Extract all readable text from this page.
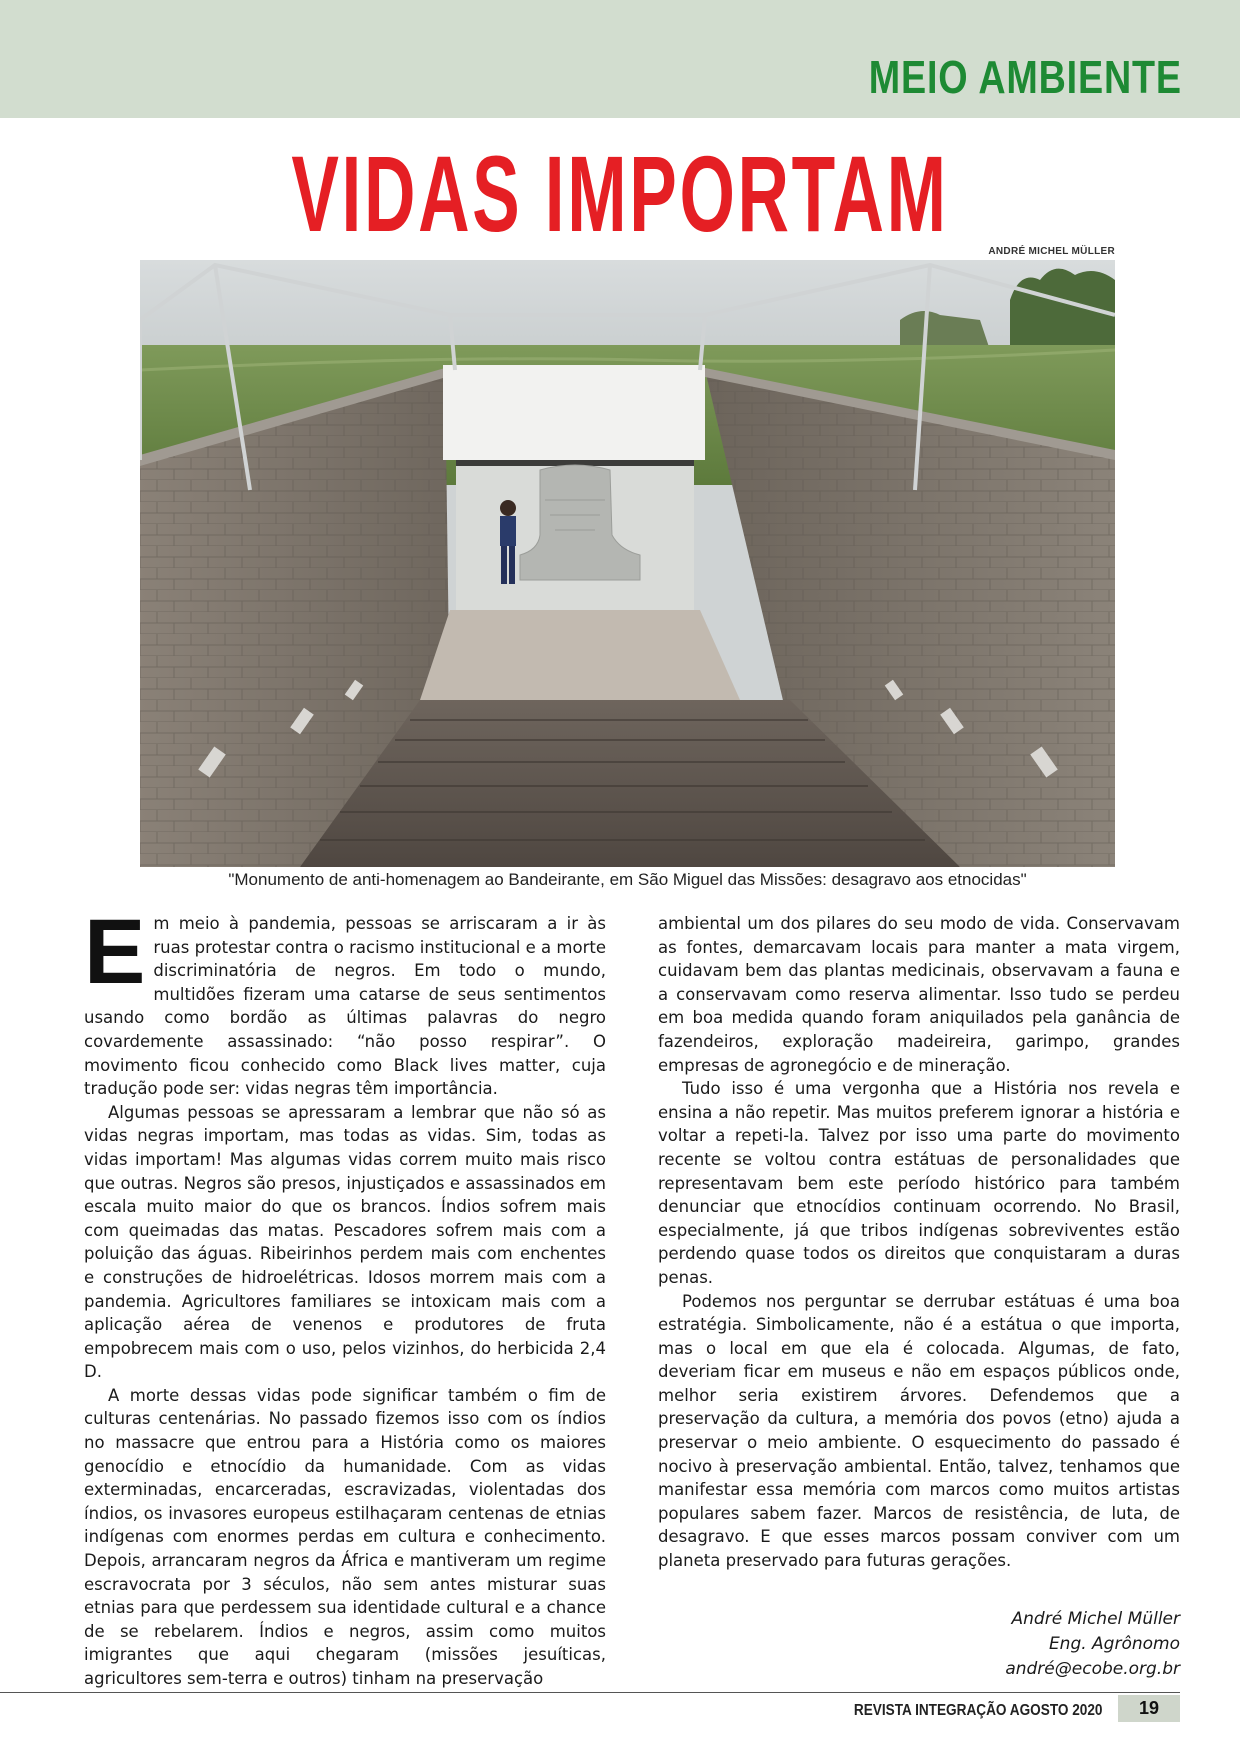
MEIO AMBIENTE
VIDAS IMPORTAM	ANDRÉ MICHEL MÜLLER
"Monumento de anti-homenagem ao Bandeirante, em São Miguel das Missões: desagravo aos etnocidas"

Em meio à pandemia, pessoas se arriscaram a ir às ruas protestar contra o racismo institucional e a morte discriminatória de negros. Em todo o mundo, multidões fizeram uma catarse de seus sentimentos usando como bordão as últimas palavras do negro covardemente assassinado: “não posso respirar”. O movimento ficou conhecido como Black lives matter, cuja tradução pode ser: vidas negras têm importância.

Algumas pessoas se apressaram a lembrar que não só as vidas negras importam, mas todas as vidas. Sim, todas as vidas importam! Mas algumas vidas correm muito mais risco que outras. Negros são presos, injustiçados e assassinados em escala muito maior do que os brancos. Índios sofrem mais com queimadas das matas. Pescadores sofrem mais com a poluição das águas. Ribeirinhos perdem mais com enchentes e construções de hidroelétricas. Idosos morrem mais com a pandemia. Agricultores familiares se intoxicam mais com a aplicação aérea de venenos e produtores de fruta empobrecem mais com o uso, pelos vizinhos, do herbicida 2,4 D.

A morte dessas vidas pode significar também o fim de culturas centenárias. No passado fizemos isso com os índios no massacre que entrou para a História como os maiores genocídio e etnocídio da humanidade. Com as vidas exterminadas, encarceradas, escravizadas, violentadas dos índios, os invasores europeus estilhaçaram centenas de etnias indígenas com enormes perdas em cultura e conhecimento. Depois, arrancaram negros da África e mantiveram um regime escravocrata por 3 séculos, não sem antes misturar suas etnias para que perdessem sua identidade cultural e a chance de se rebelarem. Índios e negros, assim como muitos imigrantes que aqui chegaram (missões jesuíticas, agricultores sem-terra e outros) tinham na preservação

ambiental um dos pilares do seu modo de vida. Conservavam as fontes, demarcavam locais para manter a mata virgem, cuidavam bem das plantas medicinais, observavam a fauna e a conservavam como reserva alimentar. Isso tudo se perdeu em boa medida quando foram aniquilados pela ganância de fazendeiros, exploração madeireira, garimpo, grandes empresas de agronegócio e de mineração.

Tudo isso é uma vergonha que a História nos revela e ensina a não repetir. Mas muitos preferem ignorar a história e voltar a repeti-la. Talvez por isso uma parte do movimento recente se voltou contra estátuas de personalidades que representavam bem este período histórico para também denunciar que etnocídios continuam ocorrendo. No Brasil, especialmente, já que tribos indígenas sobreviventes estão perdendo quase todos os direitos que conquistaram a duras penas.

Podemos nos perguntar se derrubar estátuas é uma boa estratégia. Simbolicamente, não é a estátua o que importa, mas o local em que ela é colocada. Algumas, de fato, deveriam ficar em museus e não em espaços públicos onde, melhor seria existirem árvores. Defendemos que a preservação da cultura, a memória dos povos (etno) ajuda a preservar o meio ambiente. O esquecimento do passado é nocivo à preservação ambiental. Então, talvez, tenhamos que manifestar essa memória com marcos como muitos artistas populares sabem fazer. Marcos de resistência, de luta, de desagravo. E que esses marcos possam conviver com um planeta preservado para futuras gerações.

André Michel Müller
Eng. Agrônomo
andré@ecobe.org.br
REVISTA INTEGRAÇÃO AGOSTO 2020	19
